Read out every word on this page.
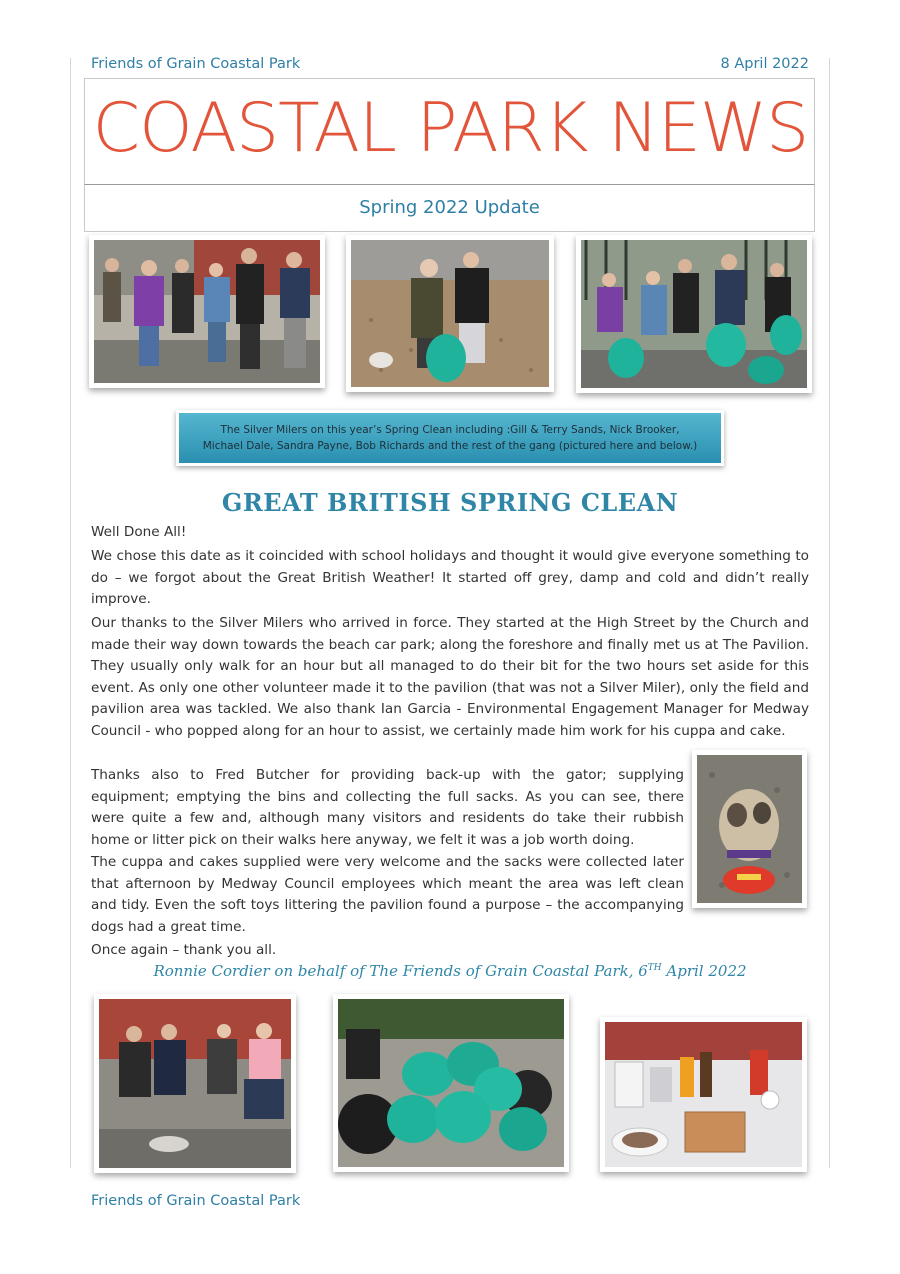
Friends of Grain Coastal Park	8 April 2022
COASTAL PARK NEWS
Spring 2022 Update
The Silver Milers on this year’s Spring Clean including :Gill & Terry Sands, Nick Brooker,
Michael Dale, Sandra Payne, Bob Richards and the rest of the gang (pictured here and below.)
GREAT BRITISH SPRING CLEAN

Well Done All!

We chose this date as it coincided with school holidays and thought it would give everyone something to do – we forgot about the Great British Weather! It started off grey, damp and cold and didn’t really improve.

Our thanks to the Silver Milers who arrived in force. They started at the High Street by the Church and made their way down towards the beach car park; along the foreshore and finally met us at The Pavilion. They usually only walk for an hour but all managed to do their bit for the two hours set aside for this event. As only one other volunteer made it to the pavilion (that was not a Silver Miler), only the field and pavilion area was tackled. We also thank Ian Garcia - Environmental Engagement Manager for Medway Council - who popped along for an hour to assist, we certainly made him work for his cuppa and cake.

Thanks also to Fred Butcher for providing back-up with the gator; supplying equipment; emptying the bins and collecting the full sacks. As you can see, there were quite a few and, although many visitors and residents do take their rubbish home or litter pick on their walks here anyway, we felt it was a job worth doing.

The cuppa and cakes supplied were very welcome and the sacks were collected later that afternoon by Medway Council employees which meant the area was left clean and tidy. Even the soft toys littering the pavilion found a purpose – the accompanying dogs had a great time.

Once again – thank you all.

Ronnie Cordier on behalf of The Friends of Grain Coastal Park, 6TH April 2022
Friends of Grain Coastal Park
